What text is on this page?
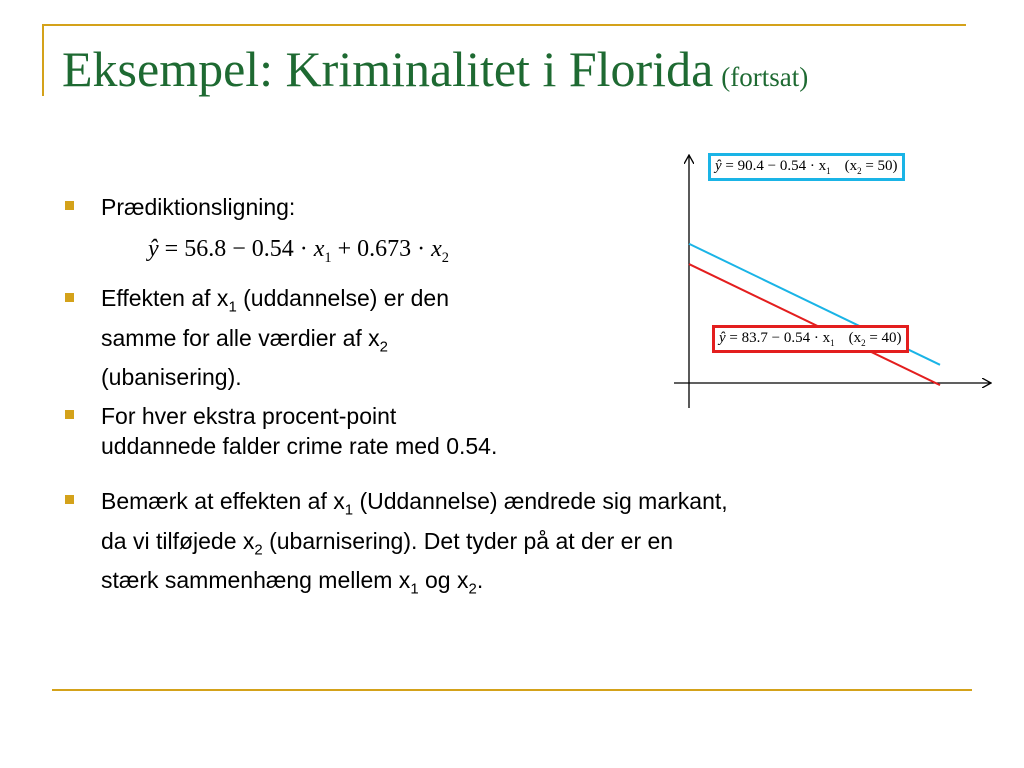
Eksempel: Kriminalitet i Florida (fortsat)
Prædiktionsligning:
ŷ = $56.8 - 0.54 \cdot x_1 + 0.673 \cdot x_2$
Effekten af $x_1$ (uddannelse) er den
samme for alle værdier af $x_2$
(ubanisering).
For hver ekstra procent-point
uddannede falder crime rate med 0.54.
Bemærk at effekten af $x_1$ (Uddannelse) ændrede sig markant,
da vi tilføjede $x_2$ (ubarnisering). Det tyder på at der er en
stærk sammenhæng mellem $x_1$ og $x_2$.
ŷ = $90.4 - 0.54 \cdot x_1$ $(x_2 = 50)$
ŷ = $83.7 - 0.54 \cdot x_1$ $(x_2 = 40)$
